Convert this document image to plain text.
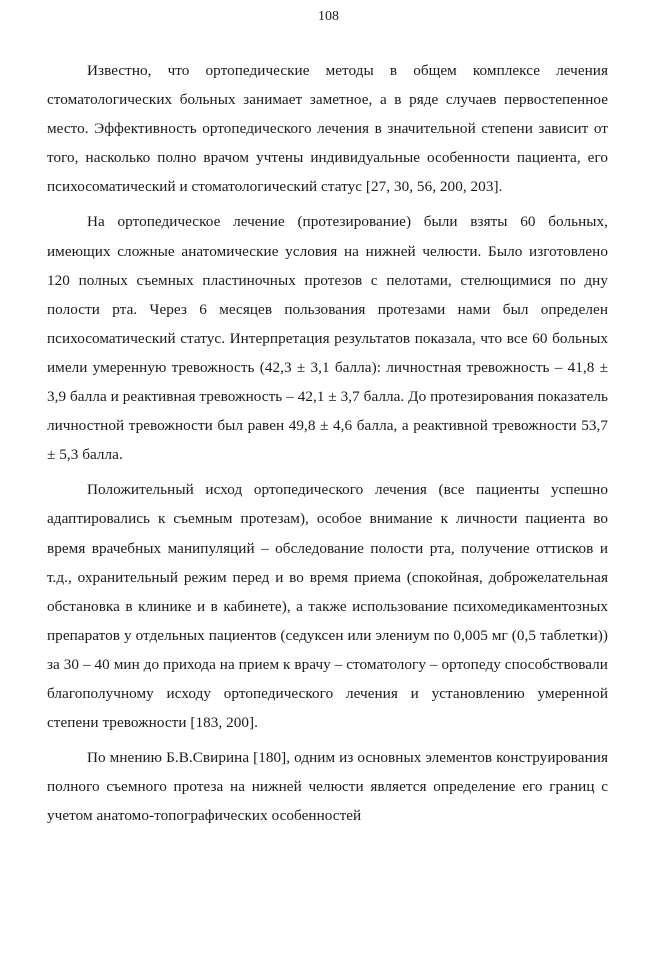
108

Известно, что ортопедические методы в общем комплексе лечения стоматологических больных занимает заметное, а в ряде случаев первостепенное место. Эффективность ортопедического лечения в значительной степени зависит от того, насколько полно врачом учтены индивидуальные особенности пациента, его психосоматический и стоматологический статус [27, 30, 56, 200, 203].

На ортопедическое лечение (протезирование) были взяты 60 больных, имеющих сложные анатомические условия на нижней челюсти. Было изготовлено 120 полных съемных пластиночных протезов с пелотами, стелющимися по дну полости рта. Через 6 месяцев пользования протезами нами был определен психосоматический статус. Интерпретация результатов показала, что все 60 больных имели умеренную тревожность (42,3 ± 3,1 балла): личностная тревожность – 41,8 ± 3,9 балла и реактивная тревожность – 42,1 ± 3,7 балла. До протезирования показатель личностной тревожности был равен 49,8 ± 4,6 балла, а реактивной тревожности 53,7 ± 5,3 балла.

Положительный исход ортопедического лечения (все пациенты успешно адаптировались к съемным протезам), особое внимание к личности пациента во время врачебных манипуляций – обследование полости рта, получение оттисков и т.д., охранительный режим перед и во время приема (спокойная, доброжелательная обстановка в клинике и в кабинете), а также использование психомедикаментозных препаратов у отдельных пациентов (седуксен или элениум по 0,005 мг (0,5 таблетки)) за 30 – 40 мин до прихода на прием к врачу – стоматологу – ортопеду способствовали благополучному исходу ортопедического лечения и установлению умеренной степени тревожности [183, 200].

По мнению Б.В.Свирина [180], одним из основных элементов конструирования полного съемного протеза на нижней челюсти является определение его границ с учетом анатомо-топографических особенностей
